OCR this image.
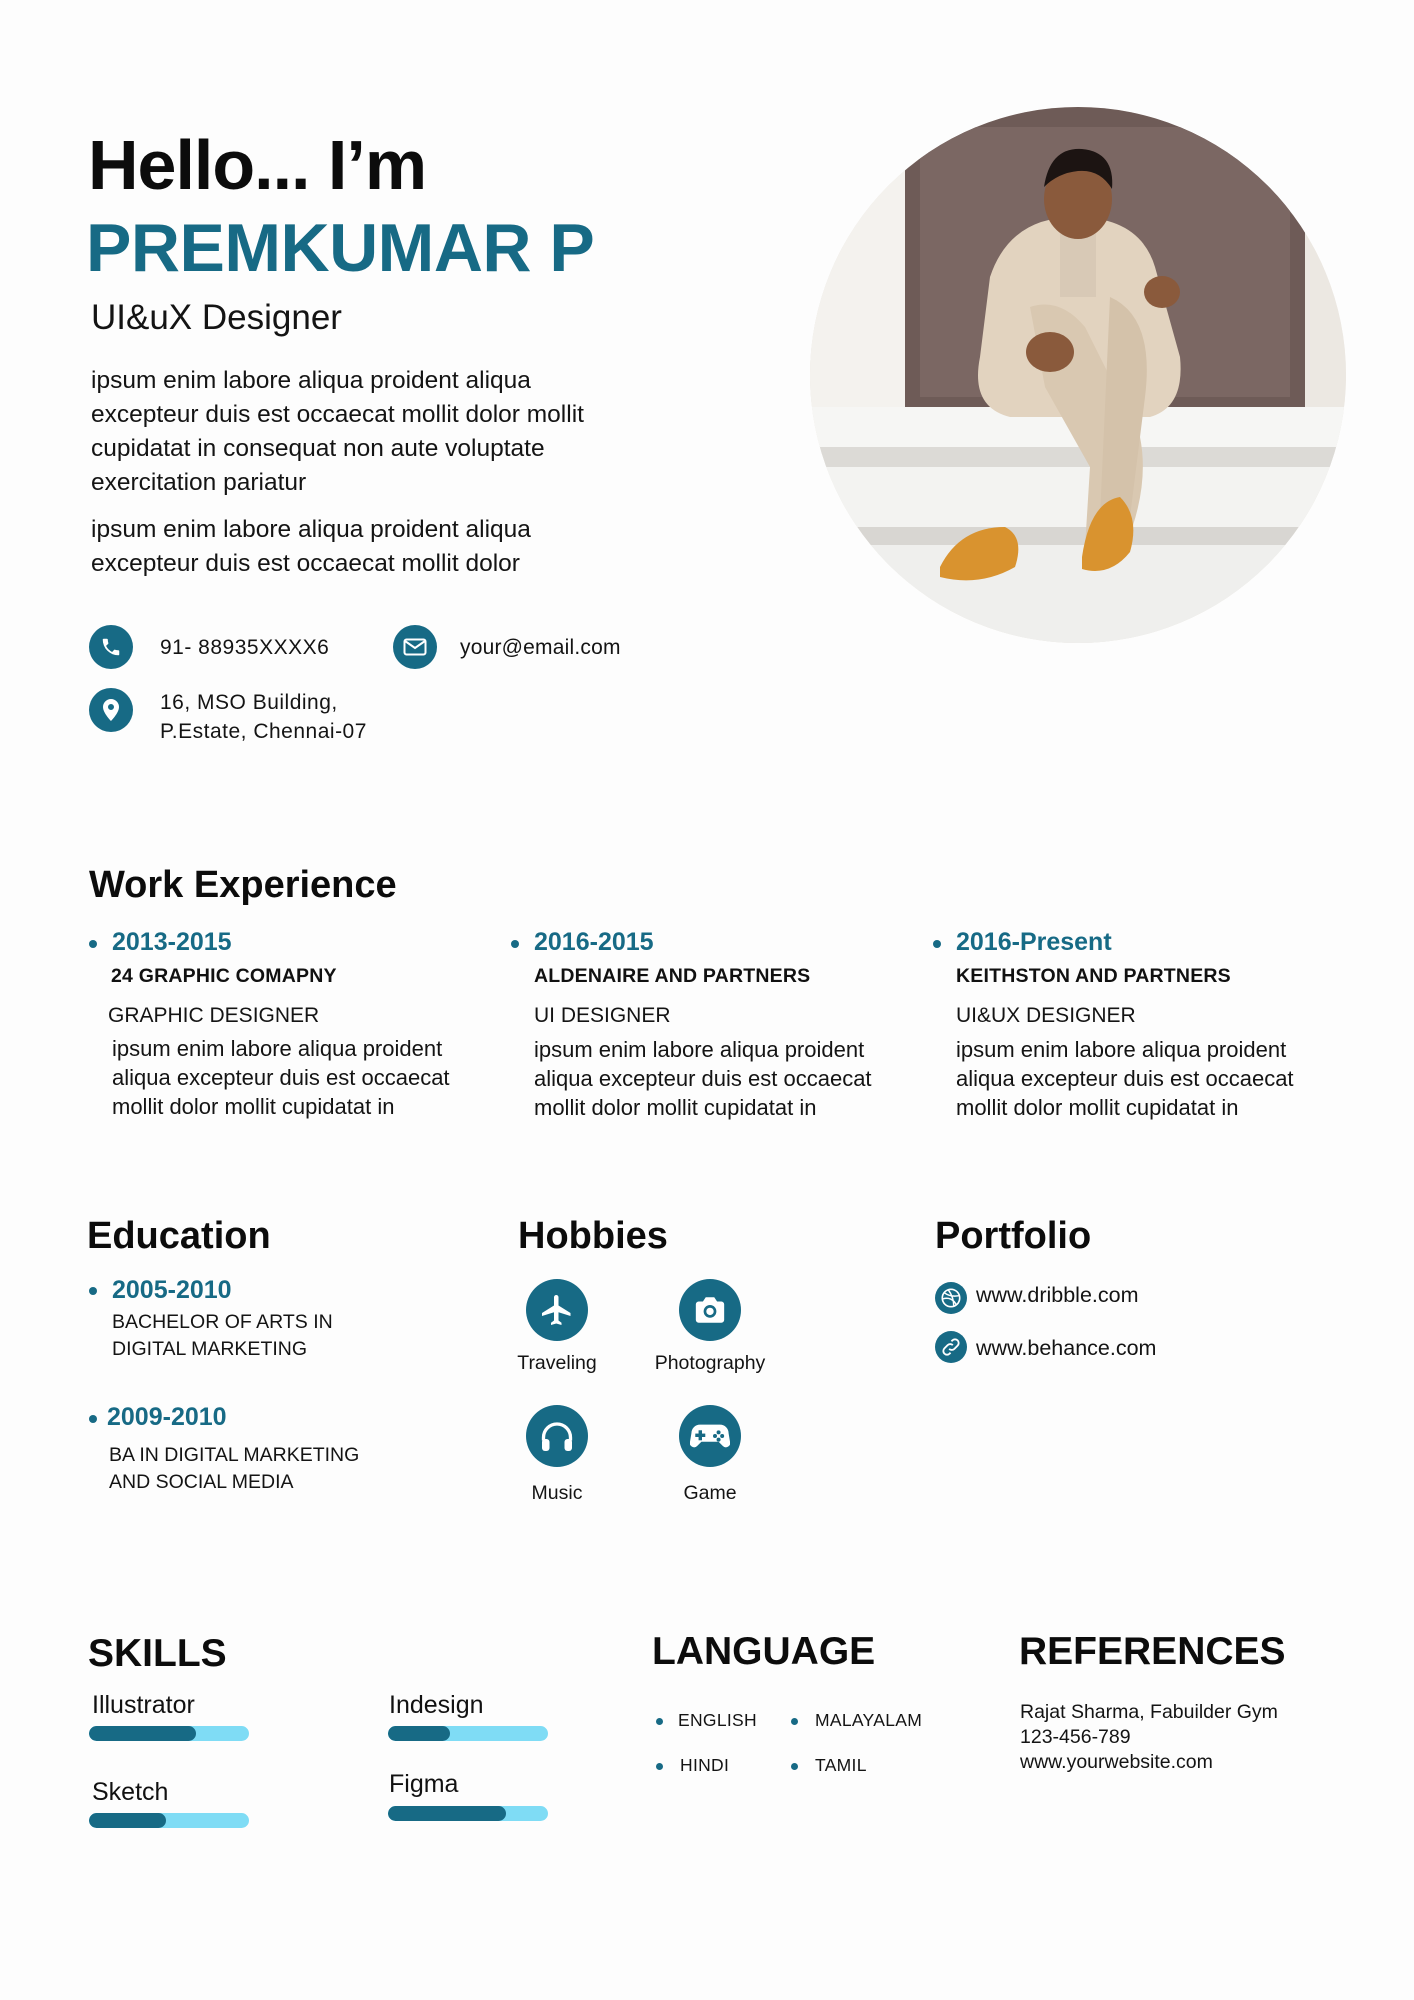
Hello... I’m
PREMKUMAR P
UI&uX Designer
ipsum enim labore aliqua proident aliqua excepteur duis est occaecat mollit dolor mollit cupidatat in consequat non aute voluptate exercitation pariatur
ipsum enim labore aliqua proident aliqua excepteur duis est occaecat mollit dolor
91- 88935XXXX6	your@email.com
16, MSO Building,
P.Estate, Chennai-07
Work Experience
2013-2015
24 GRAPHIC COMAPNY
GRAPHIC DESIGNER
ipsum enim labore aliqua proident aliqua excepteur duis est occaecat mollit dolor mollit cupidatat in
2016-2015
ALDENAIRE AND PARTNERS
UI DESIGNER
ipsum enim labore aliqua proident aliqua excepteur duis est occaecat mollit dolor mollit cupidatat in
2016-Present
KEITHSTON AND PARTNERS
UI&UX DESIGNER
ipsum enim labore aliqua proident aliqua excepteur duis est occaecat mollit dolor mollit cupidatat in
Education
2005-2010
BACHELOR OF ARTS IN
DIGITAL MARKETING
2009-2010
BA IN DIGITAL MARKETING
AND SOCIAL MEDIA
Hobbies
Traveling	Photography
Music	Game
Portfolio
www.dribble.com
www.behance.com
SKILLS
Illustrator	Indesign
Sketch	Figma
LANGUAGE
ENGLISH	MALAYALAM
HINDI	TAMIL
REFERENCES
Rajat Sharma, Fabuilder Gym
123-456-789
www.yourwebsite.com
